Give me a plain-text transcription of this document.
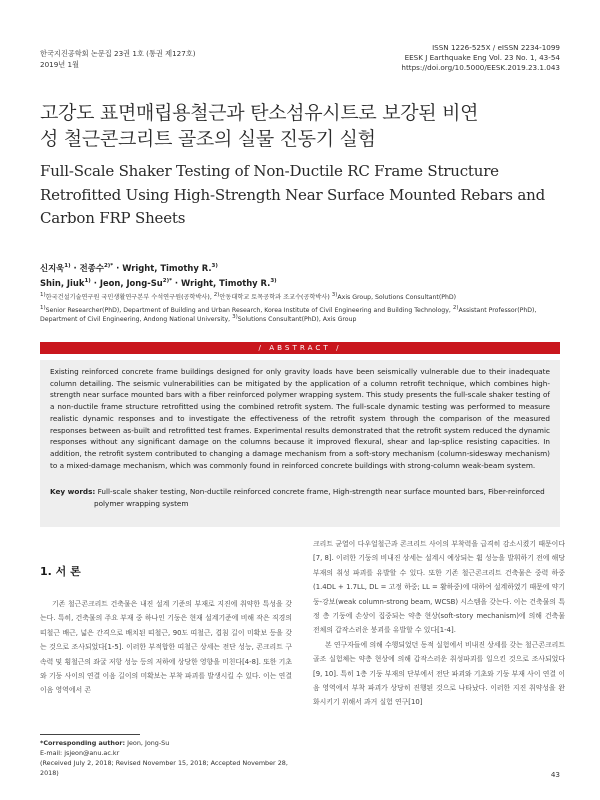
한국지진공학회 논문집 23권 1호 (통권 제127호)
2019년 1월
ISSN 1226-525X / eISSN 2234-1099
EESK J Earthquake Eng Vol. 23 No. 1, 43-54
https://doi.org/10.5000/EESK.2019.23.1.043
고강도 표면매립용철근과 탄소섬유시트로 보강된 비연
성 철근콘크리트 골조의 실물 진동기 실험
Full-Scale Shaker Testing of Non-Ductile RC Frame Structure
Retrofitted Using High-Strength Near Surface Mounted Rebars and
Carbon FRP Sheets
신지욱$^{1)}$ · 전종수$^{2)*}$ · Wright, Timothy R.$^{3)}$
Shin, Jiuk$^{1)}$ · Jeon, Jong-$Su^{2)*}$ · Wright, Timothy R.$^{3)}$
$^{1)}$한국건설기술연구원 국민생활연구본부 수석연구원(공학박사), $^{2)}$안동대학교 토목공학과 조교수(공학박사) $^{3)}$Axis Group, Solutions Consultant(PhD)
$^{1)}$Senior Researcher(PhD), Department of Building and Urban Research, Korea Institute of Civil Engineering and Building Technology, $^{2)}$Assistant Professor(PhD), Department of Civil Engineering, Andong National University, $^{3)}$Solutions Consultant(PhD), Axis Group
/ ABSTRACT /
Existing reinforced concrete frame buildings designed for only gravity loads have been seismically vulnerable due to their inadequate column detailing. The seismic vulnerabilities can be mitigated by the application of a column retrofit technique, which combines high-strength near surface mounted bars with a fiber reinforced polymer wrapping system. This study presents the full-scale shaker testing of a non-ductile frame structure retrofitted using the combined retrofit system. The full-scale dynamic testing was performed to measure realistic dynamic responses and to investigate the effectiveness of the retrofit system through the comparison of the measured responses between as-built and retrofitted test frames. Experimental results demonstrated that the retrofit system reduced the dynamic responses without any significant damage on the columns because it improved flexural, shear and lap-splice resisting capacities. In addition, the retrofit system contributed to changing a damage mechanism from a soft-story mechanism (column-sidesway mechanism) to a mixed-damage mechanism, which was commonly found in reinforced concrete buildings with strong-column weak-beam system.
Key words: Full-scale shaker testing, Non-ductile reinforced concrete frame, High-strength near surface mounted bars, Fiber-reinforced
polymer wrapping system
1. 서 론
기존 철근콘크리트 건축물은 내진 설계 기준의 부재로 지진에 취약한 특성을 갖는다. 특히, 건축물의 주요 부재 중 하나인 기둥은 현재 설계기준에 비해 작은 직경의 띠철근 배근, 넓은 간격으로 배치된 띠철근, 90도 띠철근, 겹침 길이 미확보 등을 갖는 것으로 조사되었다[1-5]. 이러한 부적합한 띠철근 상세는 전단 성능, 콘크리트 구속력 및 횡철근의 좌굴 저항 성능 등의 저하에 상당한 영향을 미친다[4-8]. 또한 기초와 기둥 사이의 연결 이음 길이의 미확보는 부착 파괴를 발생시킬 수 있다. 이는 연결 이음 영역에서 콘

크리트 균열이 다우얼철근과 콘크리트 사이의 부착력을 급격히 감소시켰기 때문이다[7, 8]. 이러한 기둥의 비내진 상세는 설계시 예상되는 휨 성능을 발휘하기 전에 해당 부재의 취성 파괴를 유발할 수 있다. 또한 기존 철근콘크리트 건축물은 중력 하중(1.4DL + 1.7LL, DL = 고정 하중; LL = 활하중)에 대하여 설계하였기 때문에 약기둥-강보(weak column-strong beam, WCSB) 시스템을 갖는다. 이는 건축물의 특정 층 기둥에 손상이 집중되는 약층 현상(soft-story mechanism)에 의해 건축물 전체의 갑작스러운 붕괴를 유발할 수 있다[1-4].

본 연구자들에 의해 수행되었던 동적 실험에서 비내진 상세를 갖는 철근콘크리트 골조 실험체는 약층 현상에 의해 갑작스러운 취성파괴를 일으킨 것으로 조사되었다[9, 10]. 특히 1층 기둥 부재의 단부에서 전단 파괴와 기초와 기둥 부재 사이 연결 이음 영역에서 부착 파괴가 상당히 진행된 것으로 나타났다. 이러한 지진 취약성을 완화시키기 위해서 과거 실험 연구[10]

*Corresponding author: Jeon, Jong-Su
E-mail: jsjeon@anu.ac.kr
(Received July 2, 2018; Revised November 15, 2018; Accepted November 28, 2018)	43
